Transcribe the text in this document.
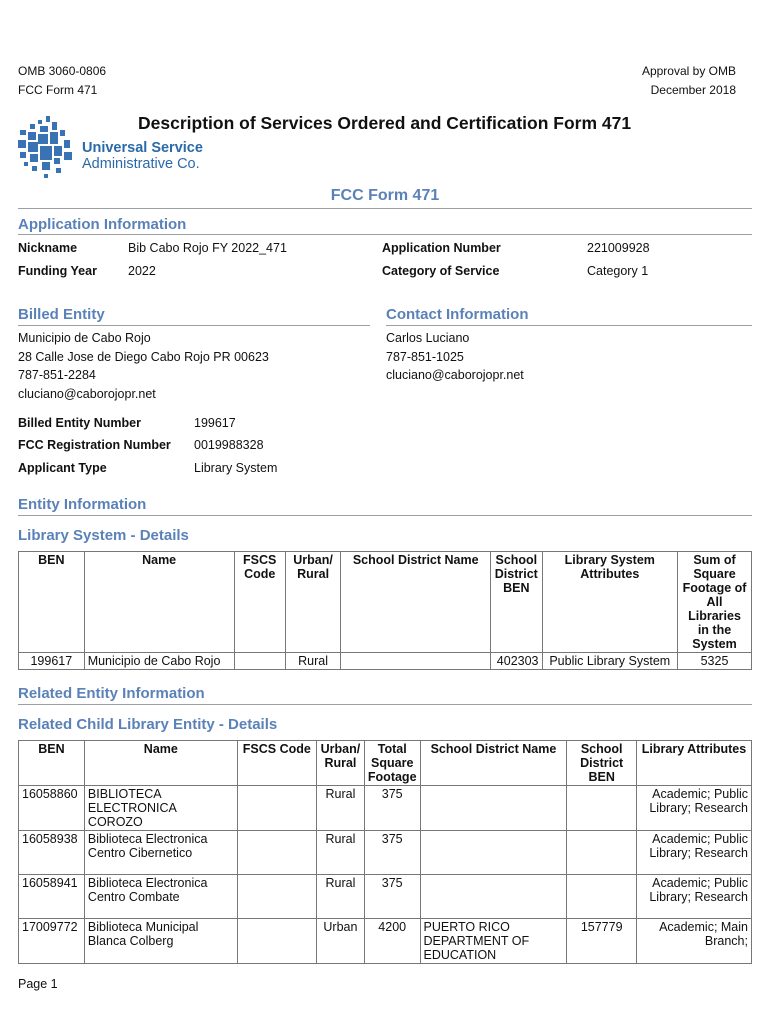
OMB 3060-0806
FCC Form 471
Approval by OMB
December 2018
Universal Service
Administrative Co.
Description of Services Ordered and Certification Form 471
FCC Form 471
Application Information
Nickname	Bib Cabo Rojo FY 2022_471	Application Number	221009928
Funding Year 2022	Category of Service	Category 1
Billed Entity
Municipio de Cabo Rojo
28 Calle Jose de Diego Cabo Rojo PR 00623
787-851-2284
cluciano@caborojopr.net
Contact Information
Carlos Luciano
787-851-1025
cluciano@caborojopr.net
Billed Entity Number	199617
FCC Registration Number 0019988328
Applicant Type	Library System
Entity Information
Library System - Details
BEN	Name	FSCS Code	Urban/ Rural	School District Name	School District BEN	Library System Attributes	Sum of Square Footage of All Libraries in the System
199617	Municipio de Cabo Rojo		Rural		402303	Public Library System	5325
Related Entity Information
Related Child Library Entity - Details
BEN	Name	FSCS Code	Urban/ Rural	Total Square Footage	School District Name	School District BEN	Library Attributes
16058860	BIBLIOTECA ELECTRONICA COROZO		Rural	375			Academic; Public Library; Research
16058938	Biblioteca Electronica Centro Cibernetico		Rural	375			Academic; Public Library; Research
16058941	Biblioteca Electronica Centro Combate		Rural	375			Academic; Public Library; Research
17009772	Biblioteca Municipal Blanca Colberg		Urban	4200	PUERTO RICO DEPARTMENT OF EDUCATION	157779	Academic; Main Branch;
Page 1
